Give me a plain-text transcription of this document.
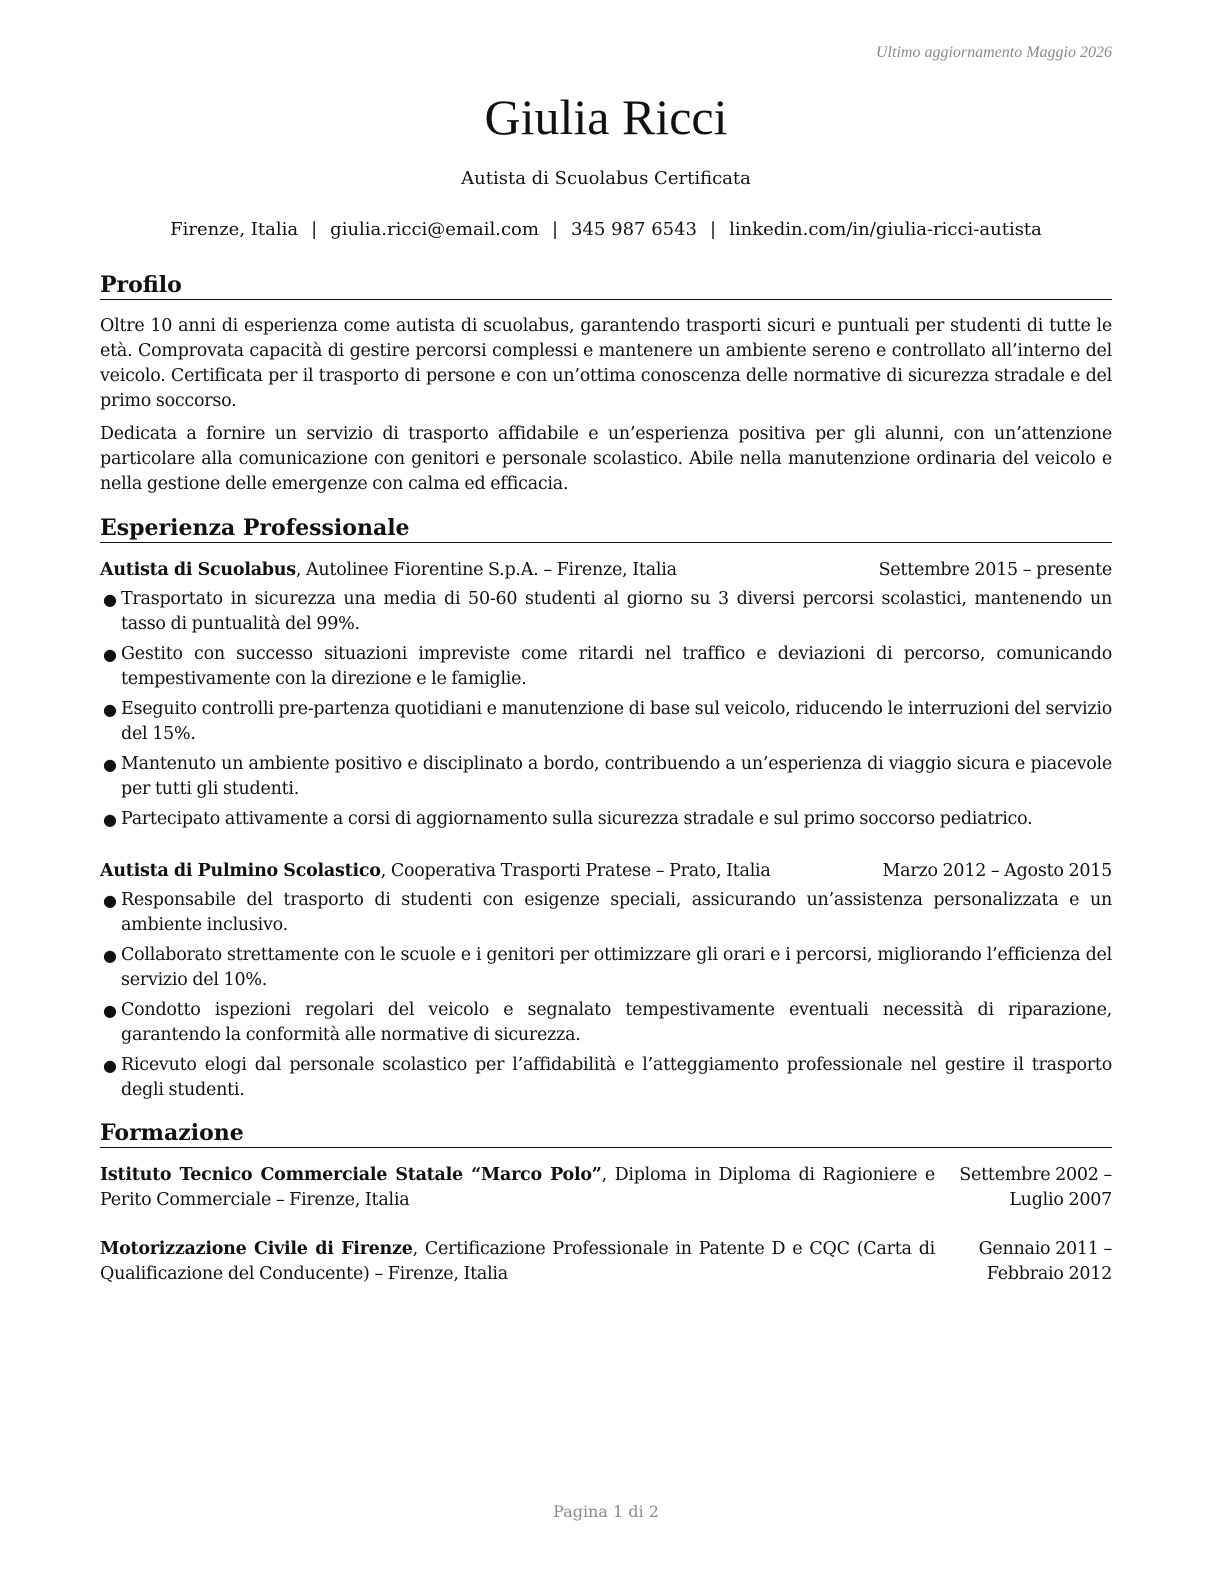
Ultimo aggiornamento Maggio 2026

Giulia Ricci

Autista di Scuolabus Certificata

Firenze, Italia | giulia.ricci@email.com | 345 987 6543 | linkedin.com/in/giulia-ricci-autista
Profilo

Oltre 10 anni di esperienza come autista di scuolabus, garantendo trasporti sicuri e puntuali per studenti di tutte le età. Comprovata capacità di gestire percorsi complessi e mantenere un ambiente sereno e controllato all’interno del veicolo. Certificata per il trasporto di persone e con un’ottima conoscenza delle normative di sicurezza stradale e del primo soccorso.

Dedicata a fornire un servizio di trasporto affidabile e un’esperienza positiva per gli alunni, con un’attenzione particolare alla comunicazione con genitori e personale scolastico. Abile nella manutenzione ordinaria del veicolo e nella gestione delle emergenze con calma ed efficacia.

Esperienza Professionale
Autista di Scuolabus, Autolinee Fiorentine S.p.A. – Firenze, Italia	Settembre 2015 – presente
● Trasportato in sicurezza una media di 50-60 studenti al giorno su 3 diversi percorsi scolastici, mantenendo un tasso di puntualità del 99%.
● Gestito con successo situazioni impreviste come ritardi nel traffico e deviazioni di percorso, comunicando tempestivamente con la direzione e le famiglie.
● Eseguito controlli pre-partenza quotidiani e manutenzione di base sul veicolo, riducendo le interruzioni del servizio del 15%.
● Mantenuto un ambiente positivo e disciplinato a bordo, contribuendo a un’esperienza di viaggio sicura e piacevole per tutti gli studenti.
● Partecipato attivamente a corsi di aggiornamento sulla sicurezza stradale e sul primo soccorso pediatrico.
Autista di Pulmino Scolastico, Cooperativa Trasporti Pratese – Prato, Italia	Marzo 2012 – Agosto 2015
● Responsabile del trasporto di studenti con esigenze speciali, assicurando un’assistenza personalizzata e un ambiente inclusivo.
● Collaborato strettamente con le scuole e i genitori per ottimizzare gli orari e i percorsi, migliorando l’efficienza del servizio del 10%.
● Condotto ispezioni regolari del veicolo e segnalato tempestivamente eventuali necessità di riparazione, garantendo la conformità alle normative di sicurezza.
● Ricevuto elogi dal personale scolastico per l’affidabilità e l’atteggiamento professionale nel gestire il trasporto degli studenti.
Formazione
Istituto Tecnico Commerciale Statale “Marco Polo”, Diploma in Diploma di Ragioniere e Perito Commerciale – Firenze, Italia
Settembre 2002 – Luglio 2007
Motorizzazione Civile di Firenze, Certificazione Professionale in Patente D e CQC (Carta di Qualificazione del Conducente) – Firenze, Italia
Gennaio 2011 – Febbraio 2012

Pagina 1 di 2
